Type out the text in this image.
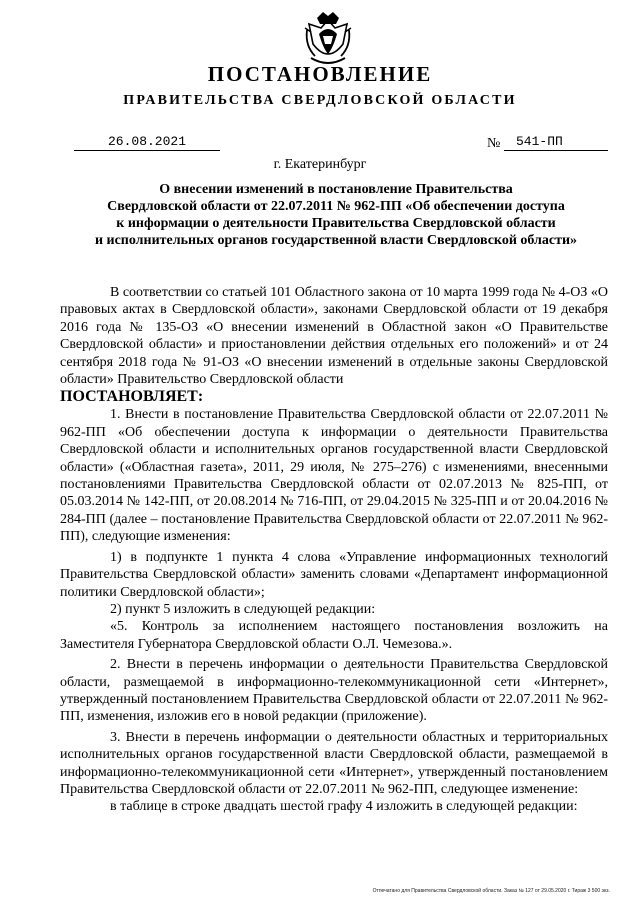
ПОСТАНОВЛЕНИЕ
ПРАВИТЕЛЬСТВА СВЕРДЛОВСКОЙ ОБЛАСТИ
26.08.2021	№	541-ПП
г. Екатеринбург
О внесении изменений в постановление Правительства
Свердловской области от 22.07.2011 № 962-ПП «Об обеспечении доступа
к информации о деятельности Правительства Свердловской области
и исполнительных органов государственной власти Свердловской области»

В соответствии со статьей 101 Областного закона от 10 марта 1999 года № 4-ОЗ «О правовых актах в Свердловской области», законами Свердловской области от 19 декабря 2016 года № 135-ОЗ «О внесении изменений в Областной закон «О Правительстве Свердловской области» и приостановлении действия отдельных его положений» и от 24 сентября 2018 года № 91-ОЗ «О внесении изменений в отдельные законы Свердловской области» Правительство Свердловской области

ПОСТАНОВЛЯЕТ:

1. Внести в постановление Правительства Свердловской области от 22.07.2011 № 962-ПП «Об обеспечении доступа к информации о деятельности Правительства Свердловской области и исполнительных органов государственной власти Свердловской области» («Областная газета», 2011, 29 июля, № 275–276) с изменениями, внесенными постановлениями Правительства Свердловской области от 02.07.2013 № 825-ПП, от 05.03.2014 № 142-ПП, от 20.08.2014 № 716-ПП, от 29.04.2015 № 325-ПП и от 20.04.2016 № 284-ПП (далее – постановление Правительства Свердловской области от 22.07.2011 № 962-ПП), следующие изменения:

1) в подпункте 1 пункта 4 слова «Управление информационных технологий Правительства Свердловской области» заменить словами «Департамент информационной политики Свердловской области»;

2) пункт 5 изложить в следующей редакции:

«5. Контроль за исполнением настоящего постановления возложить на Заместителя Губернатора Свердловской области О.Л. Чемезова.».

2. Внести в перечень информации о деятельности Правительства Свердловской области, размещаемой в информационно-телекоммуникационной сети «Интернет», утвержденный постановлением Правительства Свердловской области от 22.07.2011 № 962-ПП, изменения, изложив его в новой редакции (приложение).

3. Внести в перечень информации о деятельности областных и территориальных исполнительных органов государственной власти Свердловской области, размещаемой в информационно-телекоммуникационной сети «Интернет», утвержденный постановлением Правительства Свердловской области от 22.07.2011 № 962-ПП, следующее изменение:

в таблице в строке двадцать шестой графу 4 изложить в следующей редакции:

Отпечатано для Правительства Свердловской области. Заказ № 127 от 29.05.2020 г. Тираж 3 500 экз.
